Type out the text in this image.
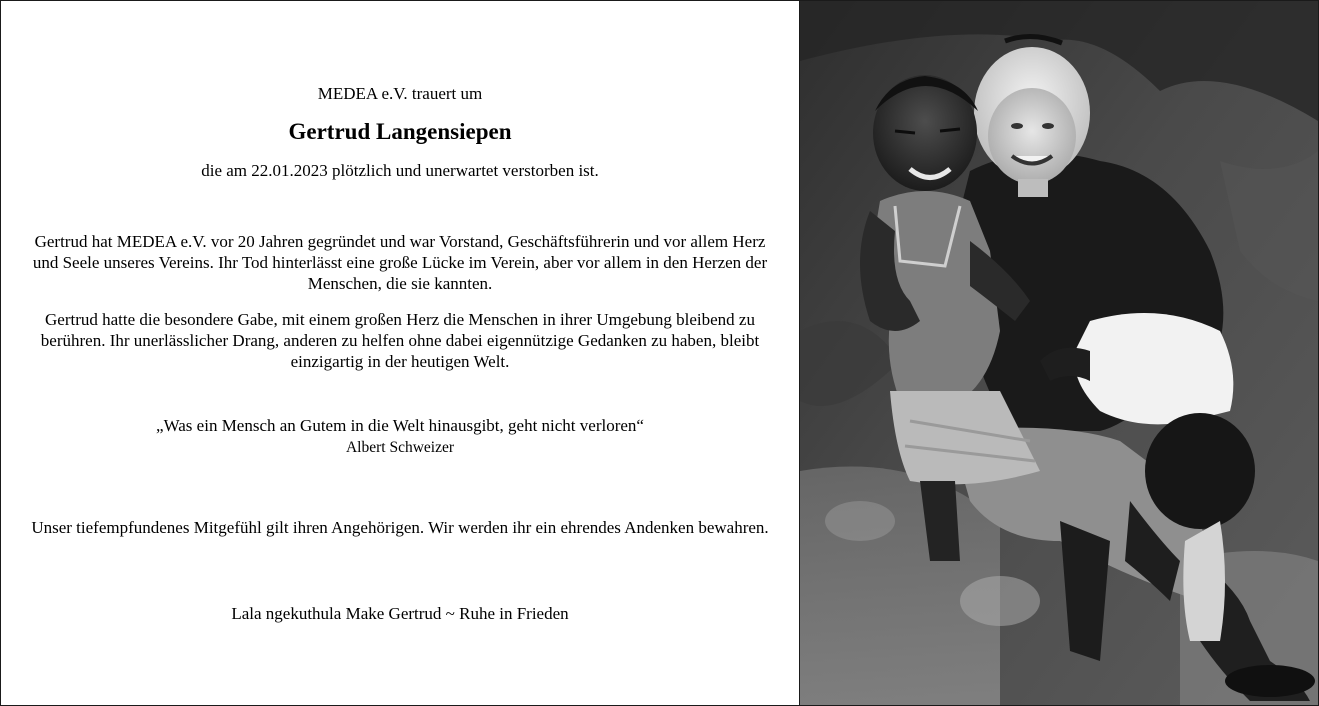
MEDEA e.V. trauert um
Gertrud Langensiepen
die am 22.01.2023 plötzlich und unerwartet verstorben ist.
Gertrud hat MEDEA e.V. vor 20 Jahren gegründet und war Vorstand, Geschäftsführerin und vor allem Herz und Seele unseres Vereins. Ihr Tod hinterlässt eine große Lücke im Verein, aber vor allem in den Herzen der Menschen, die sie kannten.
Gertrud hatte die besondere Gabe, mit einem großen Herz die Menschen in ihrer Umgebung bleibend zu berühren. Ihr unerlässlicher Drang, anderen zu helfen ohne dabei eigennützige Gedanken zu haben, bleibt einzigartig in der heutigen Welt.
„Was ein Mensch an Gutem in die Welt hinausgibt, geht nicht verloren“
Albert Schweizer
Unser tiefempfundenes Mitgefühl gilt ihren Angehörigen. Wir werden ihr ein ehrendes Andenken bewahren.
Lala ngekuthula Make Gertrud ~ Ruhe in Frieden
